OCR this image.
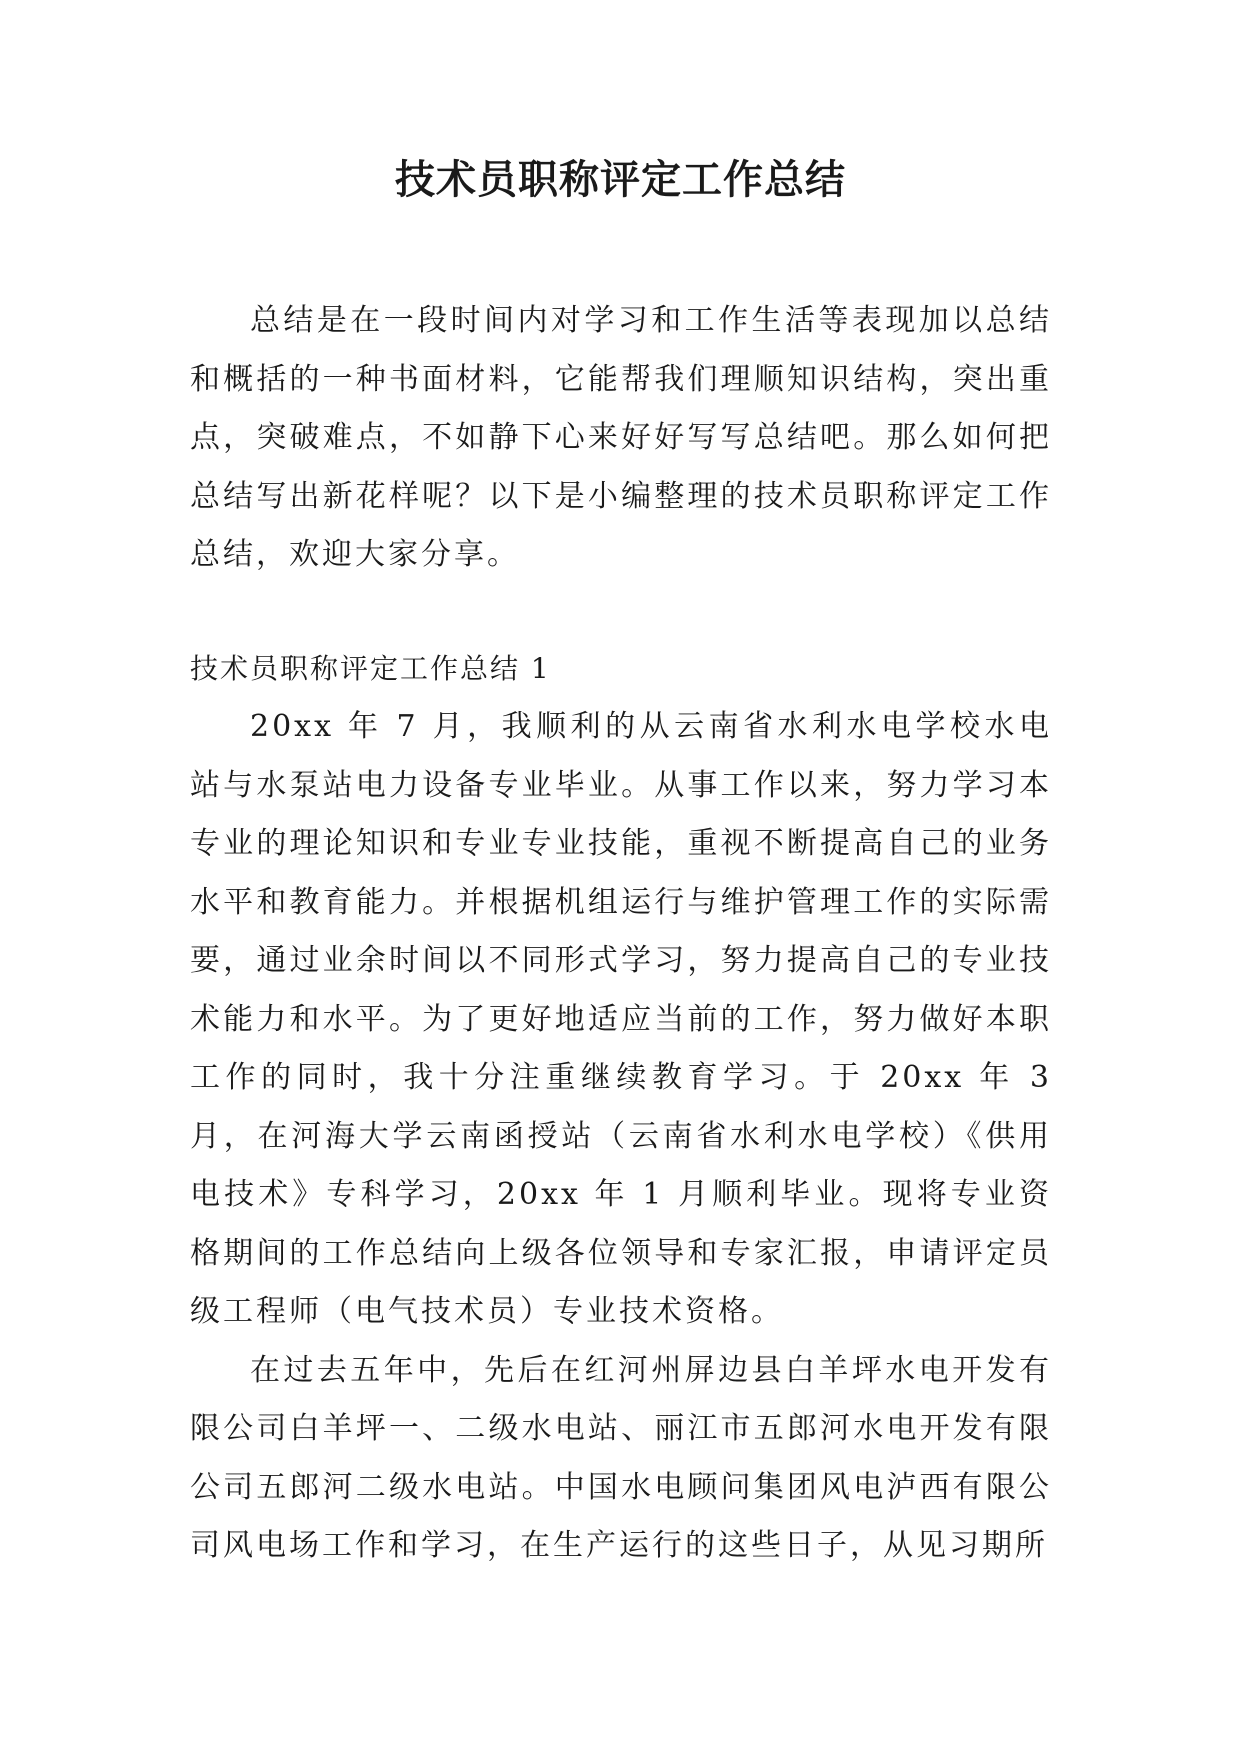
技术员职称评定工作总结

总结是在一段时间内对学习和工作生活等表现加以总结和概括的一种书面材料，它能帮我们理顺知识结构，突出重点，突破难点，不如静下心来好好写写总结吧。那么如何把总结写出新花样呢？以下是小编整理的技术员职称评定工作总结，欢迎大家分享。

技术员职称评定工作总结 1

20xx 年 7 月，我顺利的从云南省水利水电学校水电站与水泵站电力设备专业毕业。从事工作以来，努力学习本专业的理论知识和专业专业技能，重视不断提高自己的业务水平和教育能力。并根据机组运行与维护管理工作的实际需要，通过业余时间以不同形式学习，努力提高自己的专业技术能力和水平。为了更好地适应当前的工作，努力做好本职工作的同时，我十分注重继续教育学习。于 20xx 年 3 月，在河海大学云南函授站（云南省水利水电学校）《供用电技术》专科学习，20xx 年 1 月顺利毕业。现将专业资格期间的工作总结向上级各位领导和专家汇报，申请评定员级工程师（电气技术员）专业技术资格。

在过去五年中，先后在红河州屏边县白羊坪水电开发有限公司白羊坪一、二级水电站、丽江市五郎河水电开发有限公司五郎河二级水电站。中国水电顾问集团风电泸西有限公司风电场工作和学习，在生产运行的这些日子，从见习期所
